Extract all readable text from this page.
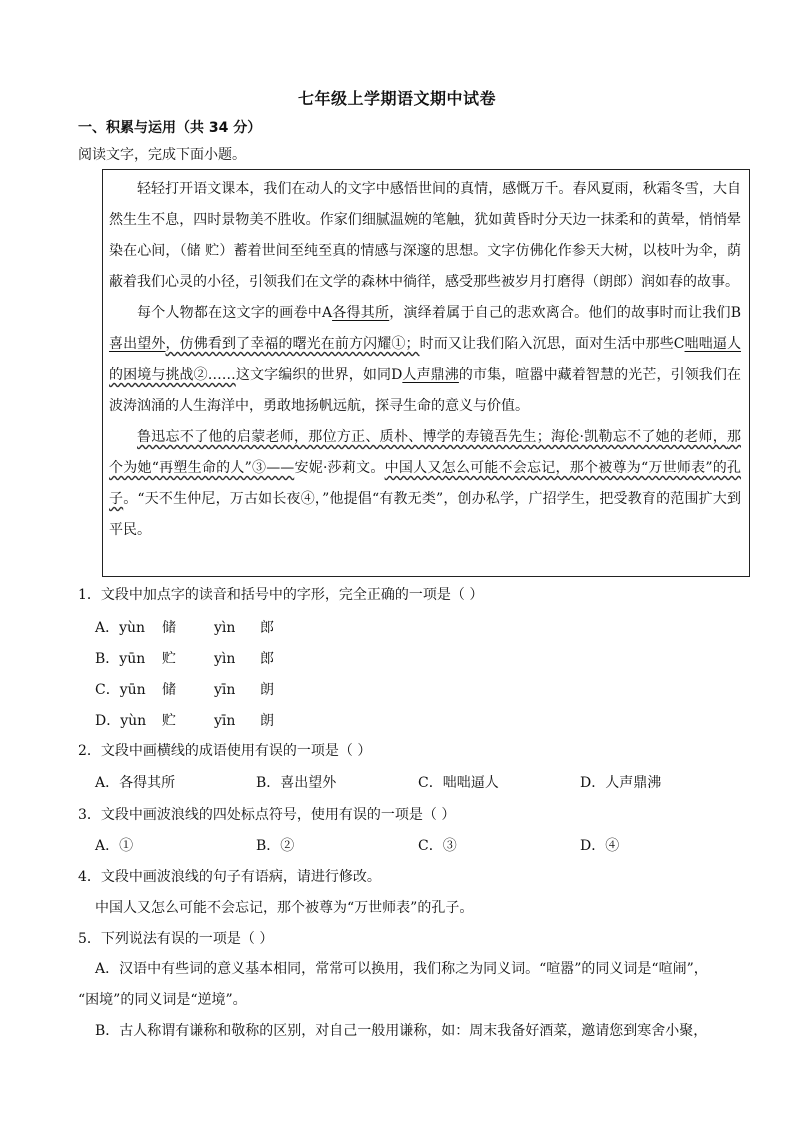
七年级上学期语文期中试卷
一、积累与运用（共 34 分）
阅读文字，完成下面小题。

轻轻打开语文课本，我们在动人的文字中感悟世间的真情，感慨万千。春风夏雨，秋霜冬雪，大自然生生不息，四时景物美不胜收。作家们细腻温婉的笔触，犹如黄昏时分天边一抹柔和的黄晕，悄悄晕染在心间，（储 贮）蓄着世间至纯至真的情感与深邃的思想。文字仿佛化作参天大树，以枝叶为伞，荫蔽着我们心灵的小径，引领我们在文学的森林中徜徉，感受那些被岁月打磨得（朗郎）润如春的故事。

每个人物都在这文字的画卷中A各得其所，演绎着属于自己的悲欢离合。他们的故事时而让我们B喜出望外，仿佛看到了幸福的曙光在前方闪耀①；时而又让我们陷入沉思，面对生活中那些C咄咄逼人的困境与挑战②……这文字编织的世界，如同D人声鼎沸的市集，喧嚣中藏着智慧的光芒，引领我们在波涛汹涌的人生海洋中，勇敢地扬帆远航，探寻生命的意义与价值。

鲁迅忘不了他的启蒙老师，那位方正、质朴、博学的寿镜吾先生；海伦·凯勒忘不了她的老师，那个为她“再塑生命的人”③——安妮·莎莉文。中国人又怎么可能不会忘记，那个被尊为“万世师表”的孔子。“天不生仲尼，万古如长夜④，”他提倡“有教无类”，创办私学，广招学生，把受教育的范围扩大到平民。

1．文段中加点字的读音和括号中的字形，完全正确的一项是（ ）
A．yùn 储	yìn 郎
B．yūn 贮	yìn 郎
C．yūn 储	yīn 朗
D．yùn 贮	yīn 朗
2．文段中画横线的成语使用有误的一项是（ ）
A．各得其所	B．喜出望外	C．咄咄逼人	D．人声鼎沸
3．文段中画波浪线的四处标点符号，使用有误的一项是（ ）
A．①	B．②	C．③	D．④
4．文段中画波浪线的句子有语病，请进行修改。
中国人又怎么可能不会忘记，那个被尊为“万世师表”的孔子。
5．下列说法有误的一项是（ ）
A．汉语中有些词的意义基本相同，常常可以换用，我们称之为同义词。“喧嚣”的同义词是“喧闹”，
“困境”的同义词是“逆境”。
B．古人称谓有谦称和敬称的区别，对自己一般用谦称，如：周末我备好酒菜，邀请您到寒舍小聚，
